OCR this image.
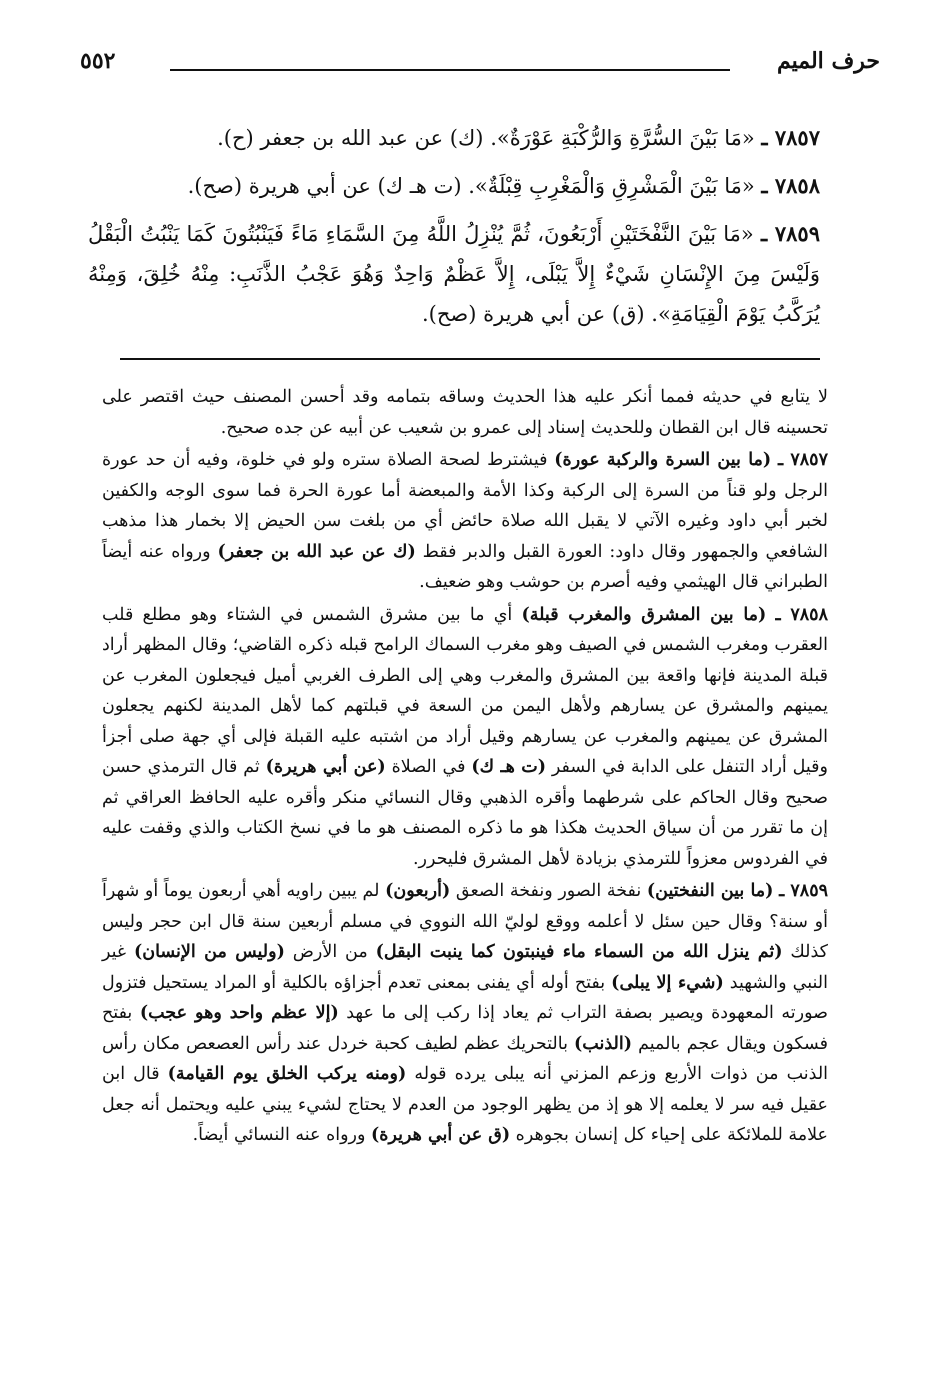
حرف الميم
٥٥٢

٧٨٥٧ ـ «مَا بَيْنَ السُّرَّةِ وَالرُّكْبَةِ عَوْرَةٌ». (ك) عن عبد الله بن جعفر (ح).

٧٨٥٨ ـ «مَا بَيْنَ الْمَشْرِقِ وَالْمَغْرِبِ قِبْلَةٌ». (ت هـ ك) عن أبي هريرة (صح).

٧٨٥٩ ـ «مَا بَيْنَ النَّفْخَتَيْنِ أَرْبَعُونَ، ثُمَّ يُنْزِلُ اللَّهُ مِنَ السَّمَاءِ مَاءً فَيَنْبُتُونَ كَمَا يَنْبُتُ الْبَقْلُ وَلَيْسَ مِنَ الإِنْسَانِ شَيْءٌ إِلاَّ يَبْلَى، إِلاَّ عَظْمٌ وَاحِدٌ وَهُوَ عَجْبُ الذَّنَبِ: مِنْهُ خُلِقَ، وَمِنْهُ يُرَكَّبُ يَوْمَ الْقِيَامَةِ». (ق) عن أبي هريرة (صح).

لا يتابع في حديثه فمما أنكر عليه هذا الحديث وساقه بتمامه وقد أحسن المصنف حيث اقتصر على تحسينه قال ابن القطان وللحديث إسناد إلى عمرو بن شعيب عن أبيه عن جده صحيح.

٧٨٥٧ ـ (ما بين السرة والركبة عورة) فيشترط لصحة الصلاة ستره ولو في خلوة، وفيه أن حد عورة الرجل ولو قناً من السرة إلى الركبة وكذا الأمة والمبعضة أما عورة الحرة فما سوى الوجه والكفين لخبر أبي داود وغيره الآتي لا يقبل الله صلاة حائض أي من بلغت سن الحيض إلا بخمار هذا مذهب الشافعي والجمهور وقال داود: العورة القبل والدبر فقط (ك عن عبد الله بن جعفر) ورواه عنه أيضاً الطبراني قال الهيثمي وفيه أصرم بن حوشب وهو ضعيف.

٧٨٥٨ ـ (ما بين المشرق والمغرب قبلة) أي ما بين مشرق الشمس في الشتاء وهو مطلع قلب العقرب ومغرب الشمس في الصيف وهو مغرب السماك الرامح قبله ذكره القاضي؛ وقال المظهر أراد قبلة المدينة فإنها واقعة بين المشرق والمغرب وهي إلى الطرف الغربي أميل فيجعلون المغرب عن يمينهم والمشرق عن يسارهم ولأهل اليمن من السعة في قبلتهم كما لأهل المدينة لكنهم يجعلون المشرق عن يمينهم والمغرب عن يسارهم وقيل أراد من اشتبه عليه القبلة فإلى أي جهة صلى أجزأ وقيل أراد التنفل على الدابة في السفر (ت هـ ك) في الصلاة (عن أبي هريرة) ثم قال الترمذي حسن صحيح وقال الحاكم على شرطهما وأقره الذهبي وقال النسائي منكر وأقره عليه الحافظ العراقي ثم إن ما تقرر من أن سياق الحديث هكذا هو ما ذكره المصنف هو ما في نسخ الكتاب والذي وقفت عليه في الفردوس معزواً للترمذي بزيادة لأهل المشرق فليحرر.

٧٨٥٩ ـ (ما بين النفختين) نفخة الصور ونفخة الصعق (أربعون) لم يبين راويه أهي أربعون يوماً أو شهراً أو سنة؟ وقال حين سئل لا أعلمه ووقع لوليّ الله النووي في مسلم أربعين سنة قال ابن حجر وليس كذلك (ثم ينزل الله من السماء ماء فينبتون كما ينبت البقل) من الأرض (وليس من الإنسان) غير النبي والشهيد (شيء إلا يبلى) بفتح أوله أي يفنى بمعنى تعدم أجزاؤه بالكلية أو المراد يستحيل فتزول صورته المعهودة ويصير بصفة التراب ثم يعاد إذا ركب إلى ما عهد (إلا عظم واحد وهو عجب) بفتح فسكون ويقال عجم بالميم (الذنب) بالتحريك عظم لطيف كحبة خردل عند رأس العصعص مكان رأس الذنب من ذوات الأربع وزعم المزني أنه يبلى يرده قوله (ومنه يركب الخلق يوم القيامة) قال ابن عقيل فيه سر لا يعلمه إلا هو إذ من يظهر الوجود من العدم لا يحتاج لشيء يبني عليه ويحتمل أنه جعل علامة للملائكة على إحياء كل إنسان بجوهره (ق عن أبي هريرة) ورواه عنه النسائي أيضاً.
